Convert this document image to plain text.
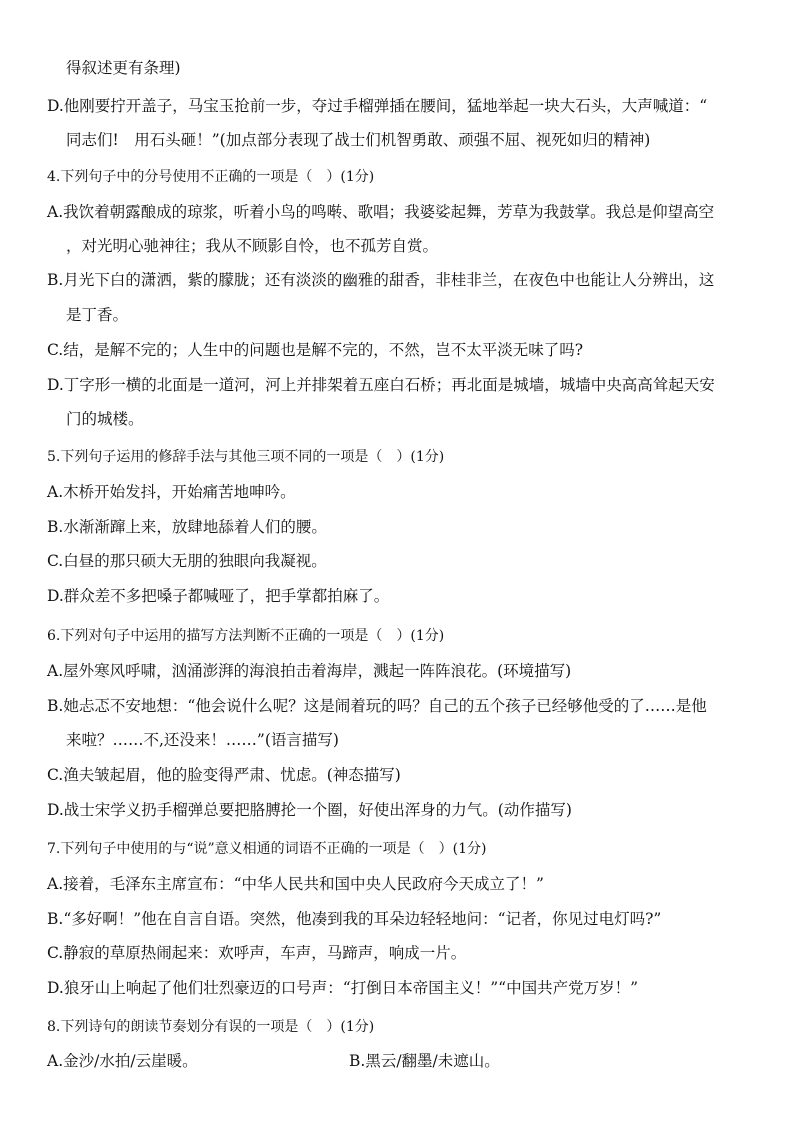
得叙述更有条理)
D.他刚要拧开盖子，马宝玉抢前一步，夺过手榴弹插在腰间，猛地举起一块大石头，大声喊道：“
同志们!　用石头砸！”(加点部分表现了战士们机智勇敢、顽强不屈、视死如归的精神)
4.下列句子中的分号使用不正确的一项是（　）(1分)
A.我饮着朝露酿成的琼浆，听着小鸟的鸣啭、歌唱；我婆娑起舞，芳草为我鼓掌。我总是仰望高空
，对光明心驰神往；我从不顾影自怜，也不孤芳自赏。
B.月光下白的潇洒，紫的朦胧；还有淡淡的幽雅的甜香，非桂非兰，在夜色中也能让人分辨出，这
是丁香。
C.结，是解不完的；人生中的问题也是解不完的，不然，岂不太平淡无味了吗?
D.丁字形一横的北面是一道河，河上并排架着五座白石桥；再北面是城墙，城墙中央高高耸起天安
门的城楼。
5.下列句子运用的修辞手法与其他三项不同的一项是（　）(1分)
A.木桥开始发抖，开始痛苦地呻吟。
B.水渐渐蹿上来，放肆地舔着人们的腰。
C.白昼的那只硕大无朋的独眼向我凝视。
D.群众差不多把嗓子都喊哑了，把手掌都拍麻了。
6.下列对句子中运用的描写方法判断不正确的一项是（　）(1分)
A.屋外寒风呼啸，汹涌澎湃的海浪拍击着海岸，溅起一阵阵浪花。(环境描写)
B.她忐忑不安地想：“他会说什么呢？这是闹着玩的吗？自己的五个孩子已经够他受的了……是他
来啦？……不,还没来！……”(语言描写)
C.渔夫皱起眉，他的脸变得严肃、忧虑。(神态描写)
D.战士宋学义扔手榴弹总要把胳膊抡一个圈，好使出浑身的力气。(动作描写)
7.下列句子中使用的与“说”意义相通的词语不正确的一项是（　）(1分)
A.接着，毛泽东主席宣布：“中华人民共和国中央人民政府今天成立了！”
B.“多好啊！”他在自言自语。突然，他凑到我的耳朵边轻轻地问：“记者，你见过电灯吗?”
C.静寂的草原热闹起来：欢呼声，车声，马蹄声，响成一片。
D.狼牙山上响起了他们壮烈豪迈的口号声：“打倒日本帝国主义！”“中国共产党万岁！”
8.下列诗句的朗读节奏划分有误的一项是（　）(1分)
A.金沙/水拍/云崖暖。	B.黑云/翻墨/未遮山。
